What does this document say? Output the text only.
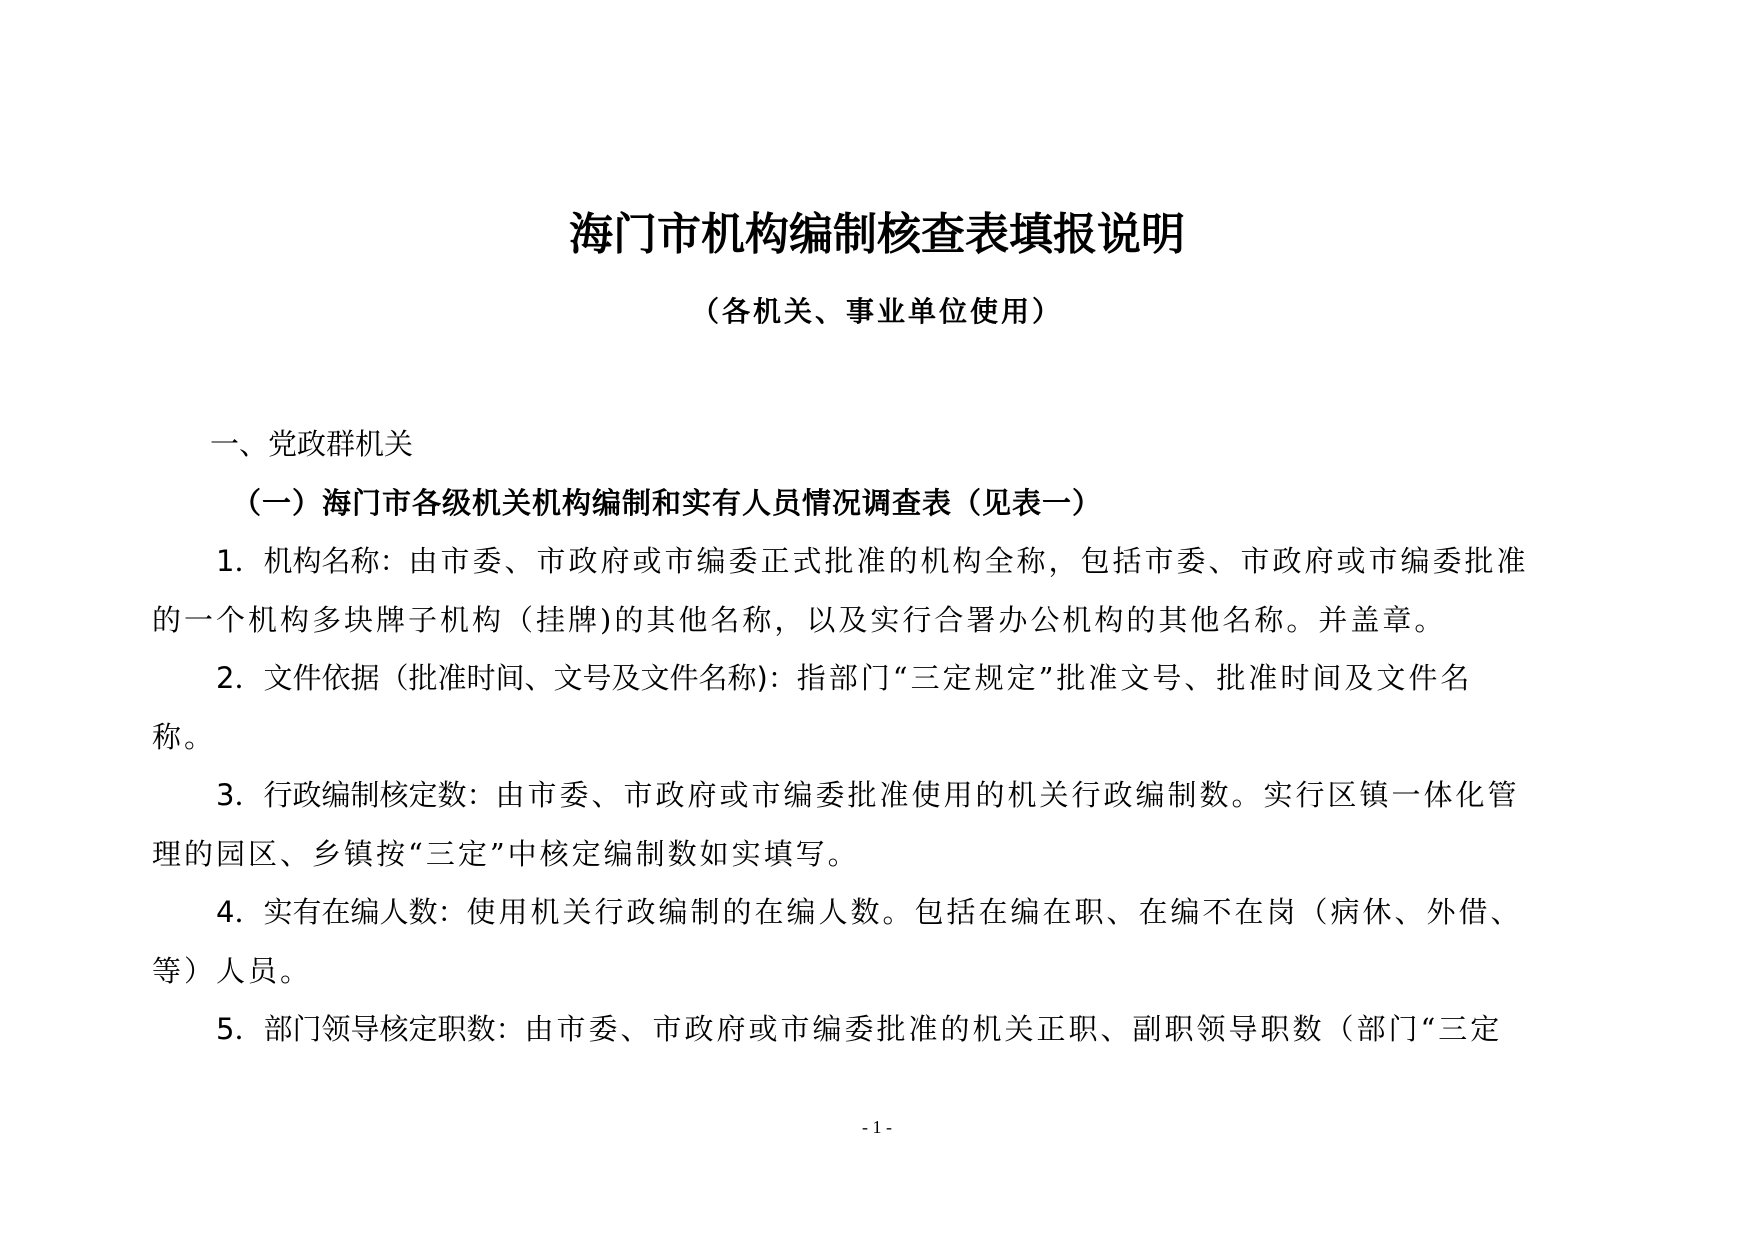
海门市机构编制核查表填报说明
（各机关、事业单位使用）
一、党政群机关
（一）海门市各级机关机构编制和实有人员情况调查表（见表一）
1．机构名称：由市委、市政府或市编委正式批准的机构全称，包括市委、市政府或市编委批准
的一个机构多块牌子机构（挂牌)的其他名称，以及实行合署办公机构的其他名称。并盖章。
2．文件依据（批准时间、文号及文件名称)：指部门“三定规定”批准文号、批准时间及文件名
称。
3．行政编制核定数：由市委、市政府或市编委批准使用的机关行政编制数。实行区镇一体化管
理的园区、乡镇按“三定”中核定编制数如实填写。
4．实有在编人数：使用机关行政编制的在编人数。包括在编在职、在编不在岗（病休、外借、
等）人员。
5．部门领导核定职数：由市委、市政府或市编委批准的机关正职、副职领导职数（部门“三定
- 1 -
